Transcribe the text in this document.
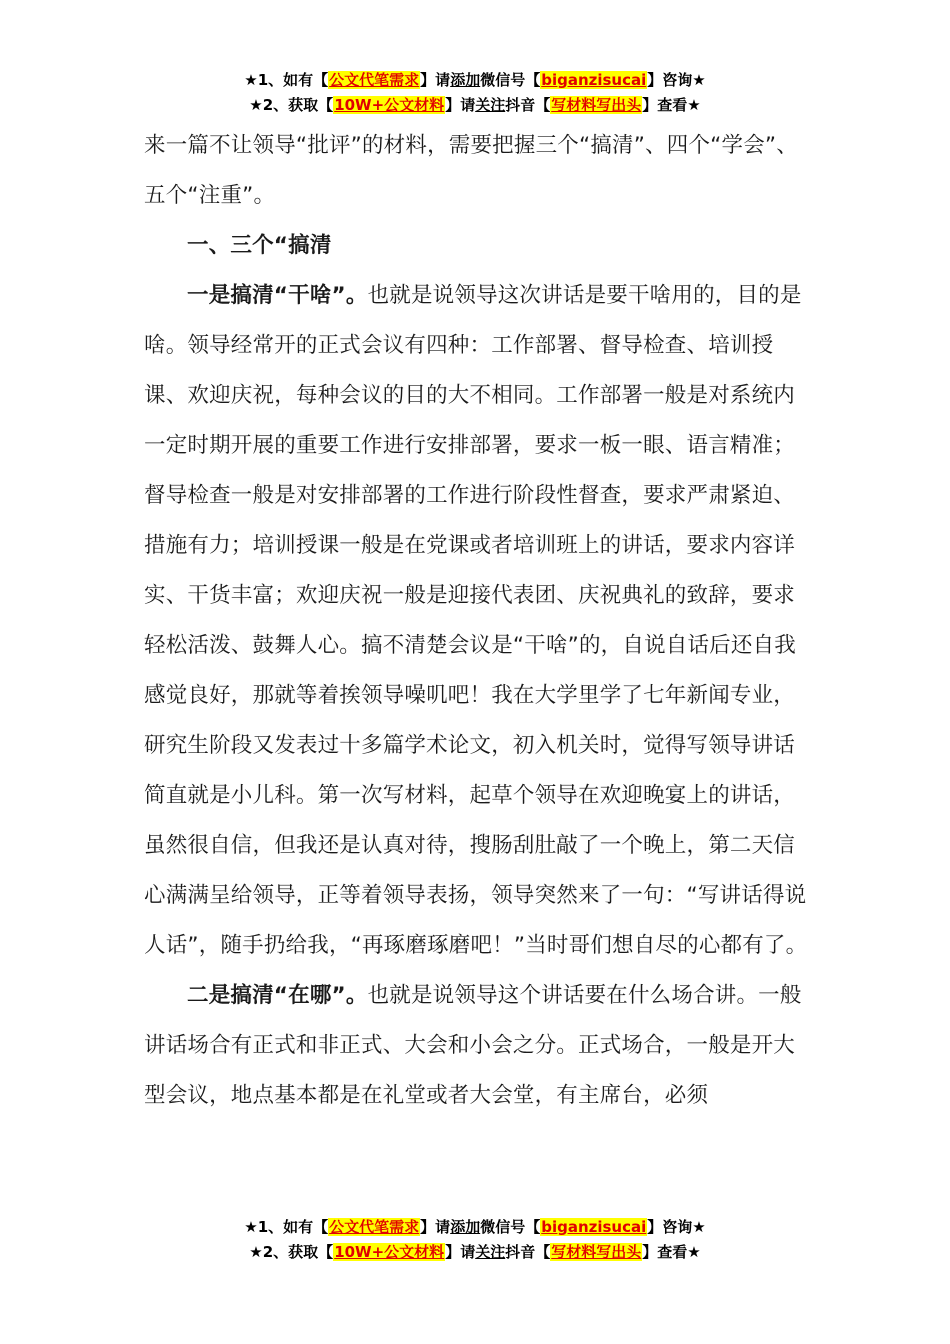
★1、如有【公文代笔需求】请添加微信号【biganzisucai】咨询★
★2、获取【10W+公文材料】请关注抖音【写材料写出头】查看★

来一篇不让领导“批评”的材料，需要把握三个“搞清”、四个“学会”、五个“注重”。

一、三个“搞清

一是搞清“干啥”。也就是说领导这次讲话是要干啥用的，目的是啥。领导经常开的正式会议有四种：工作部署、督导检查、培训授课、欢迎庆祝，每种会议的目的大不相同。工作部署一般是对系统内一定时期开展的重要工作进行安排部署，要求一板一眼、语言精准；督导检查一般是对安排部署的工作进行阶段性督查，要求严肃紧迫、措施有力；培训授课一般是在党课或者培训班上的讲话，要求内容详实、干货丰富；欢迎庆祝一般是迎接代表团、庆祝典礼的致辞，要求轻松活泼、鼓舞人心。搞不清楚会议是“干啥”的，自说自话后还自我感觉良好，那就等着挨领导噪叽吧！我在大学里学了七年新闻专业，研究生阶段又发表过十多篇学术论文，初入机关时，觉得写领导讲话简直就是小儿科。第一次写材料，起草个领导在欢迎晚宴上的讲话，虽然很自信，但我还是认真对待，搜肠刮肚敲了一个晚上，第二天信心满满呈给领导，正等着领导表扬，领导突然来了一句：“写讲话得说人话”，随手扔给我，“再琢磨琢磨吧！”当时哥们想自尽的心都有了。

二是搞清“在哪”。也就是说领导这个讲话要在什么场合讲。一般讲话场合有正式和非正式、大会和小会之分。正式场合，一般是开大型会议，地点基本都是在礼堂或者大会堂，有主席台，必须

★1、如有【公文代笔需求】请添加微信号【biganzisucai】咨询★
★2、获取【10W+公文材料】请关注抖音【写材料写出头】查看★
